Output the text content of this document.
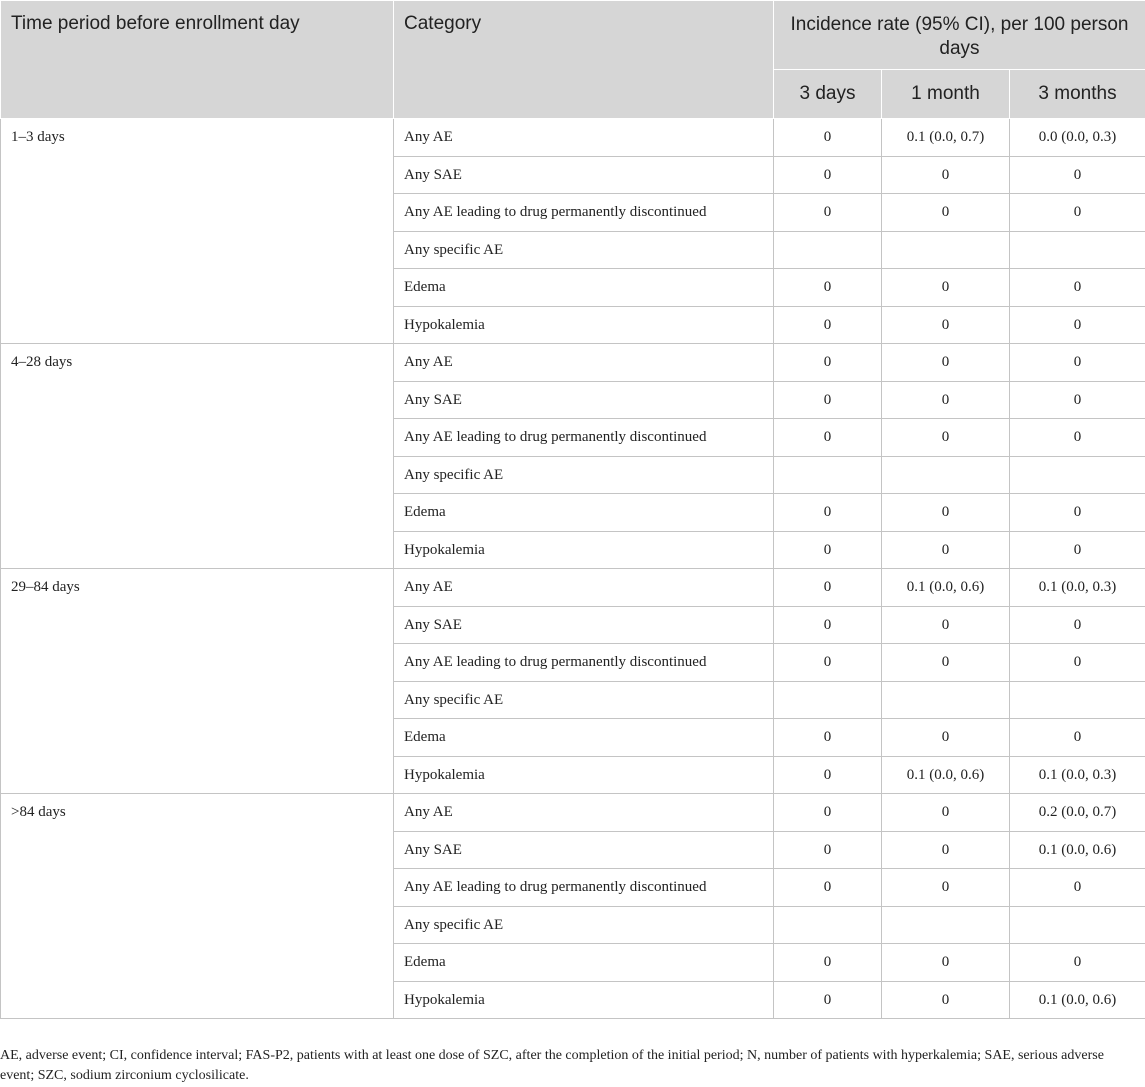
Time period before enrollment day	Category	Incidence rate (95% CI), per 100 person days		
		3 days	1 month	3 months
1–3 days	Any AE	0	0.1 (0.0, 0.7)	0.0 (0.0, 0.3)
	Any SAE	0	0	0
	Any AE leading to drug permanently discontinued	0	0	0
	Any specific AE			
	Edema	0	0	0
	Hypokalemia	0	0	0
4–28 days	Any AE	0	0	0
	Any SAE	0	0	0
	Any AE leading to drug permanently discontinued	0	0	0
	Any specific AE			
	Edema	0	0	0
	Hypokalemia	0	0	0
29–84 days	Any AE	0	0.1 (0.0, 0.6)	0.1 (0.0, 0.3)
	Any SAE	0	0	0
	Any AE leading to drug permanently discontinued	0	0	0
	Any specific AE			
	Edema	0	0	0
	Hypokalemia	0	0.1 (0.0, 0.6)	0.1 (0.0, 0.3)
>84 days	Any AE	0	0	0.2 (0.0, 0.7)
	Any SAE	0	0	0.1 (0.0, 0.6)
	Any AE leading to drug permanently discontinued	0	0	0
	Any specific AE			
	Edema	0	0	0
	Hypokalemia	0	0	0.1 (0.0, 0.6)
AE, adverse event; CI, confidence interval; FAS-P2, patients with at least one dose of SZC, after the completion of the initial period; N, number of patients with hyperkalemia; SAE, serious adverse event; SZC, sodium zirconium cyclosilicate.
